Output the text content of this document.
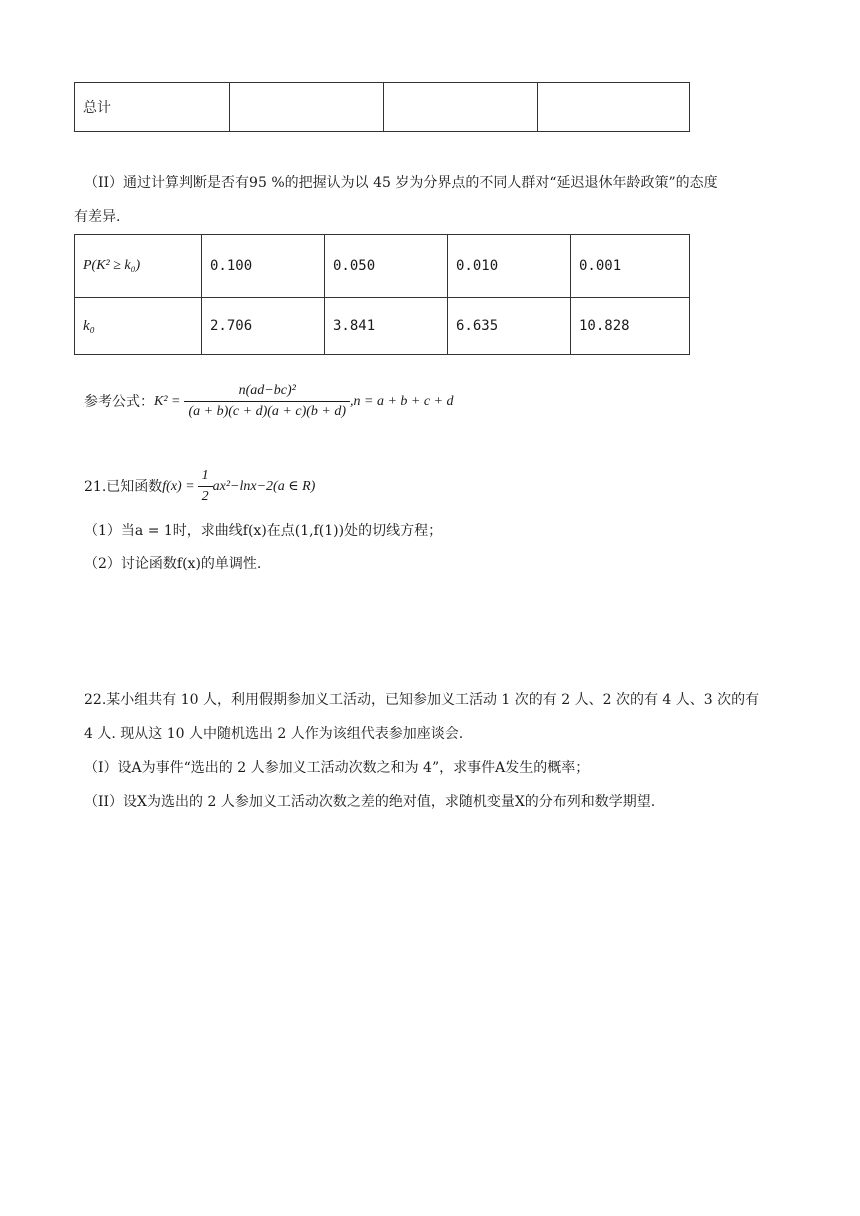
总计			
（II）通过计算判断是否有95 %的把握认为以 45 岁为分界点的不同人群对“延迟退休年龄政策”的态度
有差异.
P(K² ≥ k₀)	0.100	0.050	0.010	0.001
k₀	2.706	3.841	6.635	10.828
参考公式： $K^2 = \frac{\text{n(ad−bc)²}}{(a + b)(c + d)(a + c)(b + d)} ,n = a + b + c + d$
21.已知函数 $f(x) = \frac{1}{2} ax^2-\ln x-2(a$ ∈ R)
（1）当a = 1时，求曲线f(x)在点(1,f(1))处的切线方程；
（2）讨论函数f(x)的单调性.
22.某小组共有 10 人，利用假期参加义工活动，已知参加义工活动 1 次的有 2 人、2 次的有 4 人、3 次的有
4 人. 现从这 10 人中随机选出 2 人作为该组代表参加座谈会.
（I）设A为事件“选出的 2 人参加义工活动次数之和为 4”，求事件A发生的概率；
（II）设X为选出的 2 人参加义工活动次数之差的绝对值，求随机变量X的分布列和数学期望.
